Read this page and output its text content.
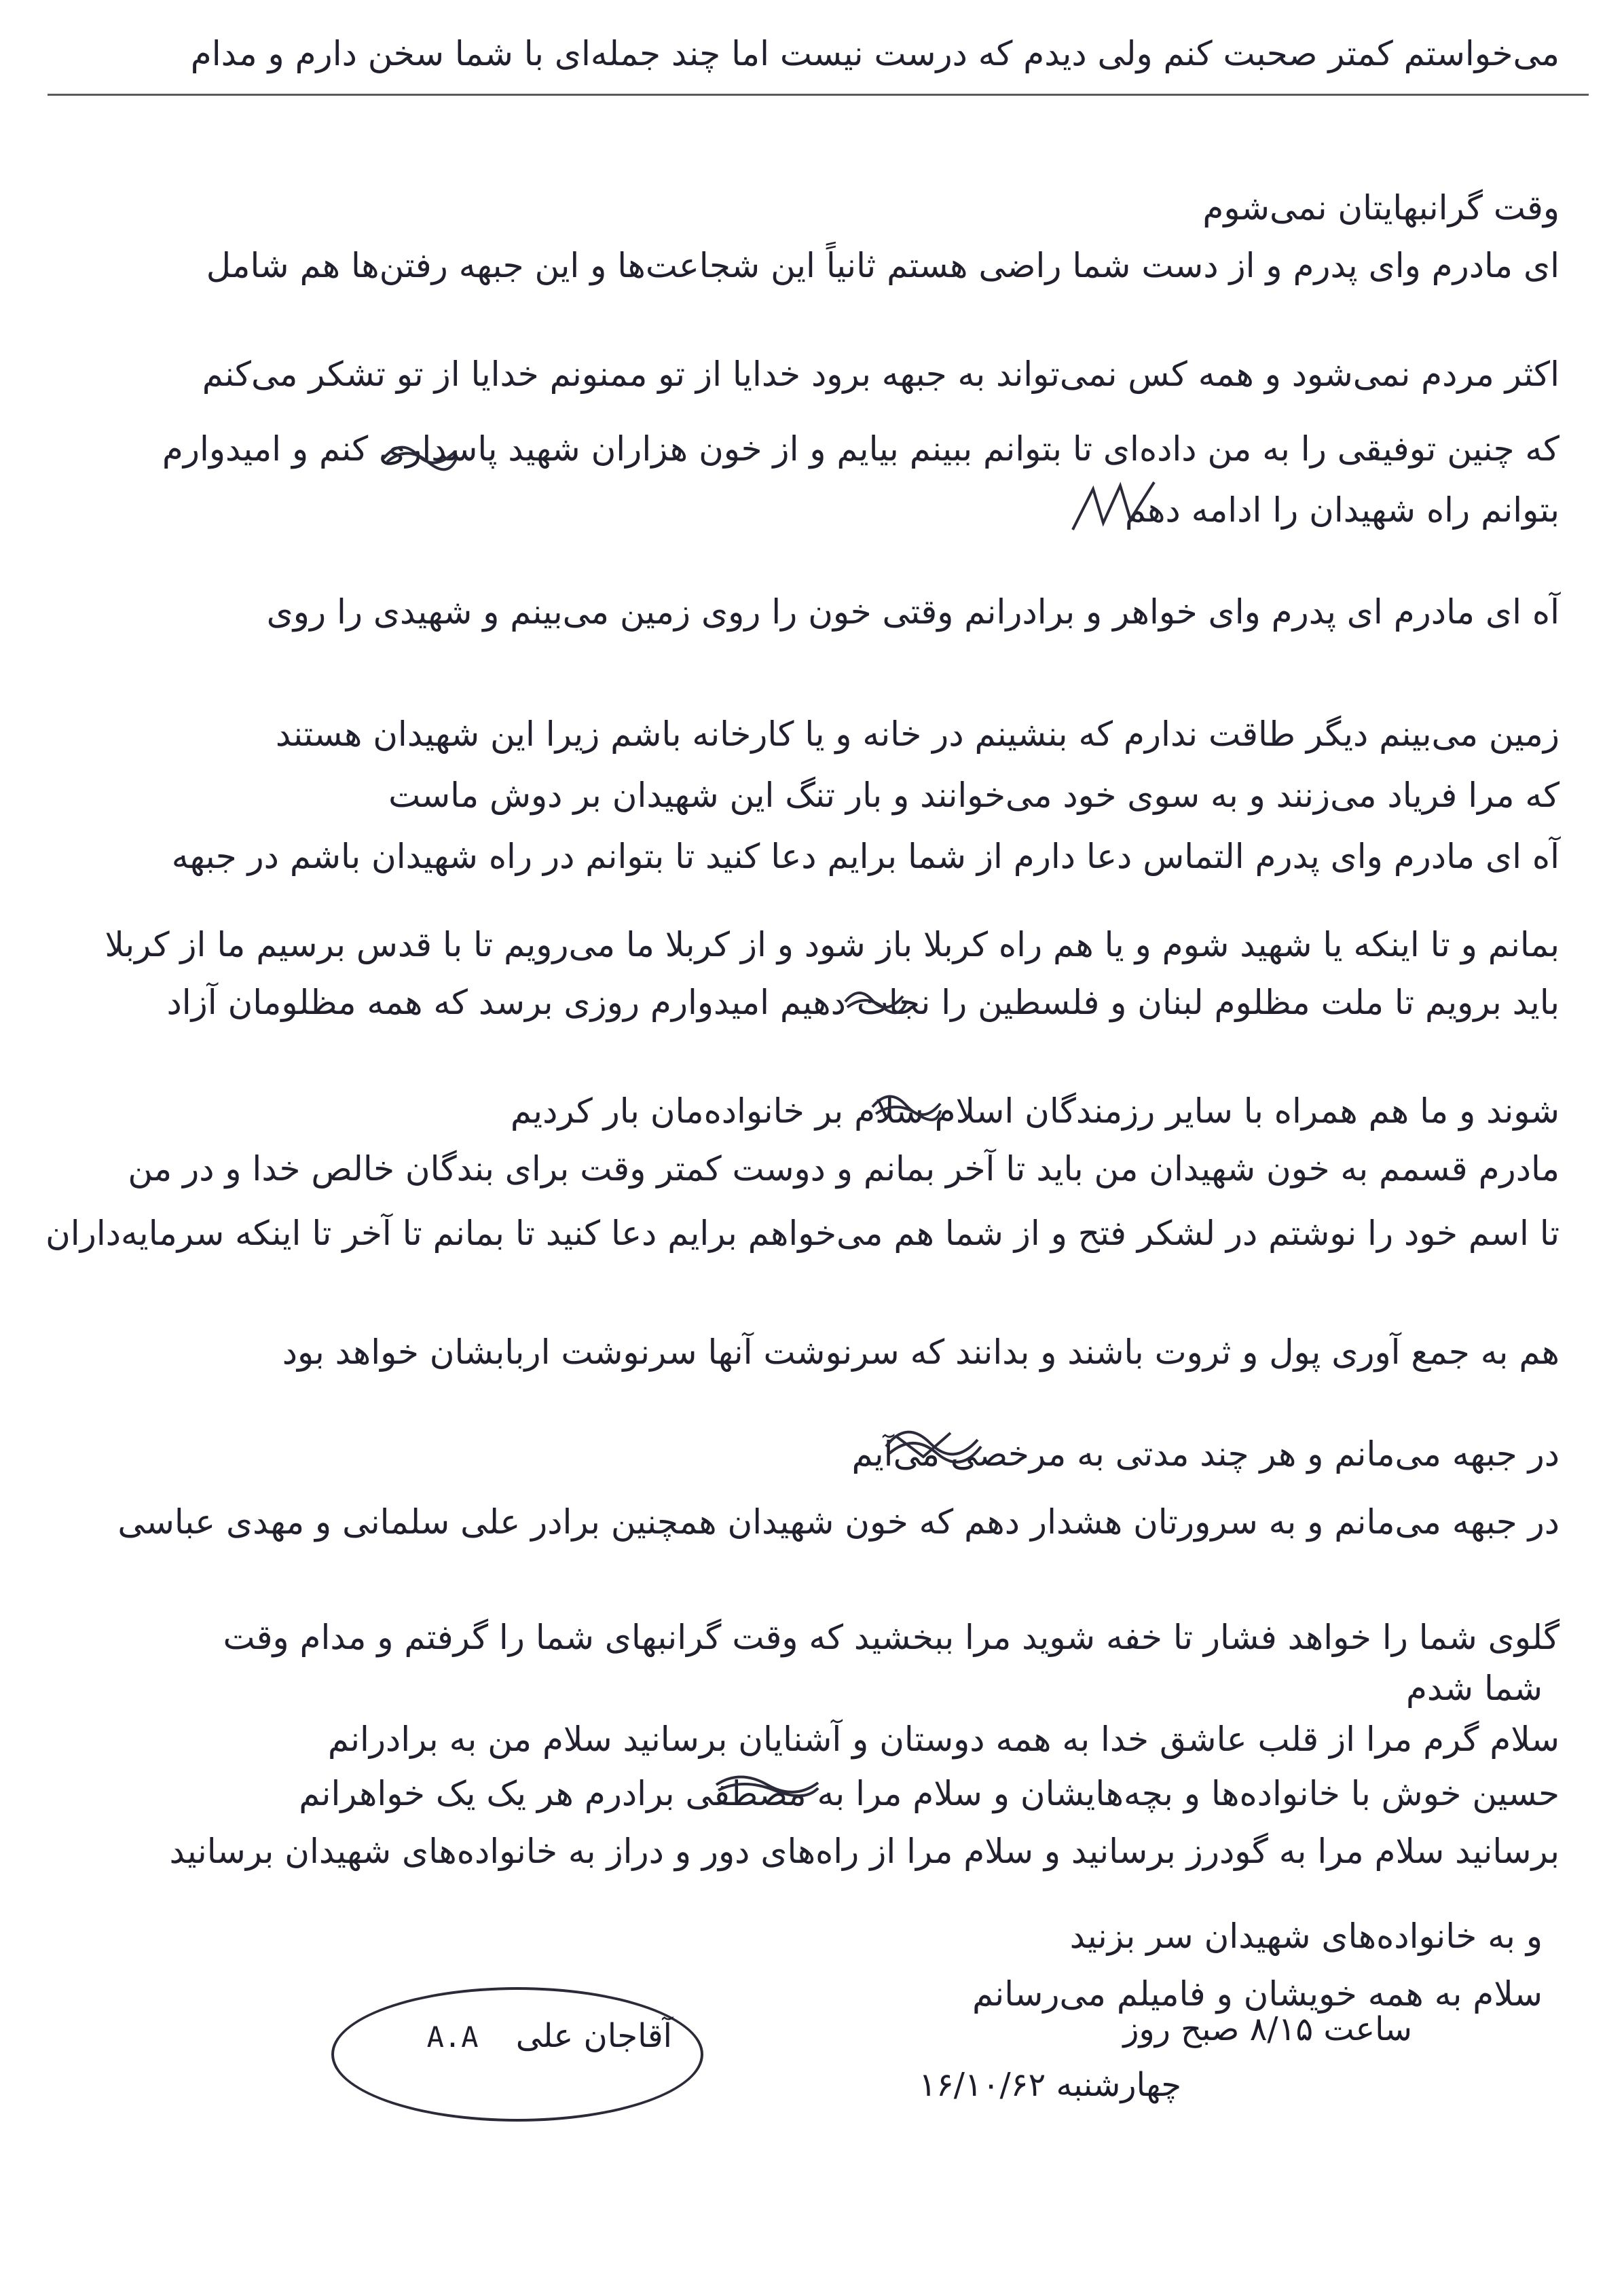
می‌خواستم کمتر صحبت کنم ولی دیدم که درست نیست اما چند جمله‌ای با شما سخن دارم و مدام
وقت گرانبهایتان نمی‌شوم
ای مادرم وای پدرم و از دست شما راضی هستم ثانیاً این شجاعت‌ها و این جبهه رفتن‌ها هم شامل
اکثر مردم نمی‌شود و همه کس نمی‌تواند به جبهه برود خدایا از تو ممنونم خدایا از تو تشکر می‌کنم
که چنین توفیقی را به من داده‌ای تا بتوانم ببینم بیایم و از خون هزاران شهید پاسداری کنم و امیدوارم
بتوانم راه شهیدان را ادامه دهم
آه ای مادرم ای پدرم وای خواهر و برادرانم وقتی خون را روی زمین می‌بینم و شهیدی را روی
زمین می‌بینم دیگر طاقت ندارم که بنشینم در خانه و یا کارخانه باشم زیرا این شهیدان هستند
که مرا فریاد می‌زنند و به سوی خود می‌خوانند و بار تنگ این شهیدان بر دوش ماست
آه ای مادرم وای پدرم التماس دعا دارم از شما برایم دعا کنید تا بتوانم در راه شهیدان باشم در جبهه
بمانم و تا اینکه یا شهید شوم و یا هم راه کربلا باز شود و از کربلا ما می‌رویم تا با قدس برسیم ما از کربلا
باید برویم تا ملت مظلوم لبنان و فلسطین را نجات دهیم امیدوارم روزی برسد که همه مظلومان آزاد
شوند و ما هم همراه با سایر رزمندگان اسلام سلام بر خانواده‌مان بار کردیم
مادرم قسمم به خون شهیدان من باید تا آخر بمانم و دوست کمتر وقت برای بندگان خالص خدا و در من
تا اسم خود را نوشتم در لشکر فتح و از شما هم می‌خواهم برایم دعا کنید تا بمانم تا آخر تا اینکه سرمایه‌داران
هم به جمع آوری پول و ثروت باشند و بدانند که سرنوشت آنها سرنوشت اربابشان خواهد بود
در جبهه می‌مانم و هر چند مدتی به مرخصی می‌آیم
در جبهه می‌مانم و به سرورتان هشدار دهم که خون شهیدان همچنین برادر علی سلمانی و مهدی عباسی
گلوی شما را خواهد فشار تا خفه شوید مرا ببخشید که وقت گرانبهای شما را گرفتم و مدام وقت
شما شدم
سلام گرم مرا از قلب عاشق خدا به همه دوستان و آشنایان برسانید سلام من به برادرانم
حسین خوش با خانواده‌ها و بچه‌هایشان و سلام مرا به مصطفی برادرم هر یک یک خواهرانم
برسانید سلام مرا به گودرز برسانید و سلام مرا از راه‌های دور و دراز به خانواده‌های شهیدان برسانید
و به خانواده‌های شهیدان سر بزنید
سلام به همه خویشان و فامیلم می‌رسانم
آقاجان علی A.A	ساعت ۸/۱۵ صبح روز
چهارشنبه ۱۶/۱۰/۶۲
